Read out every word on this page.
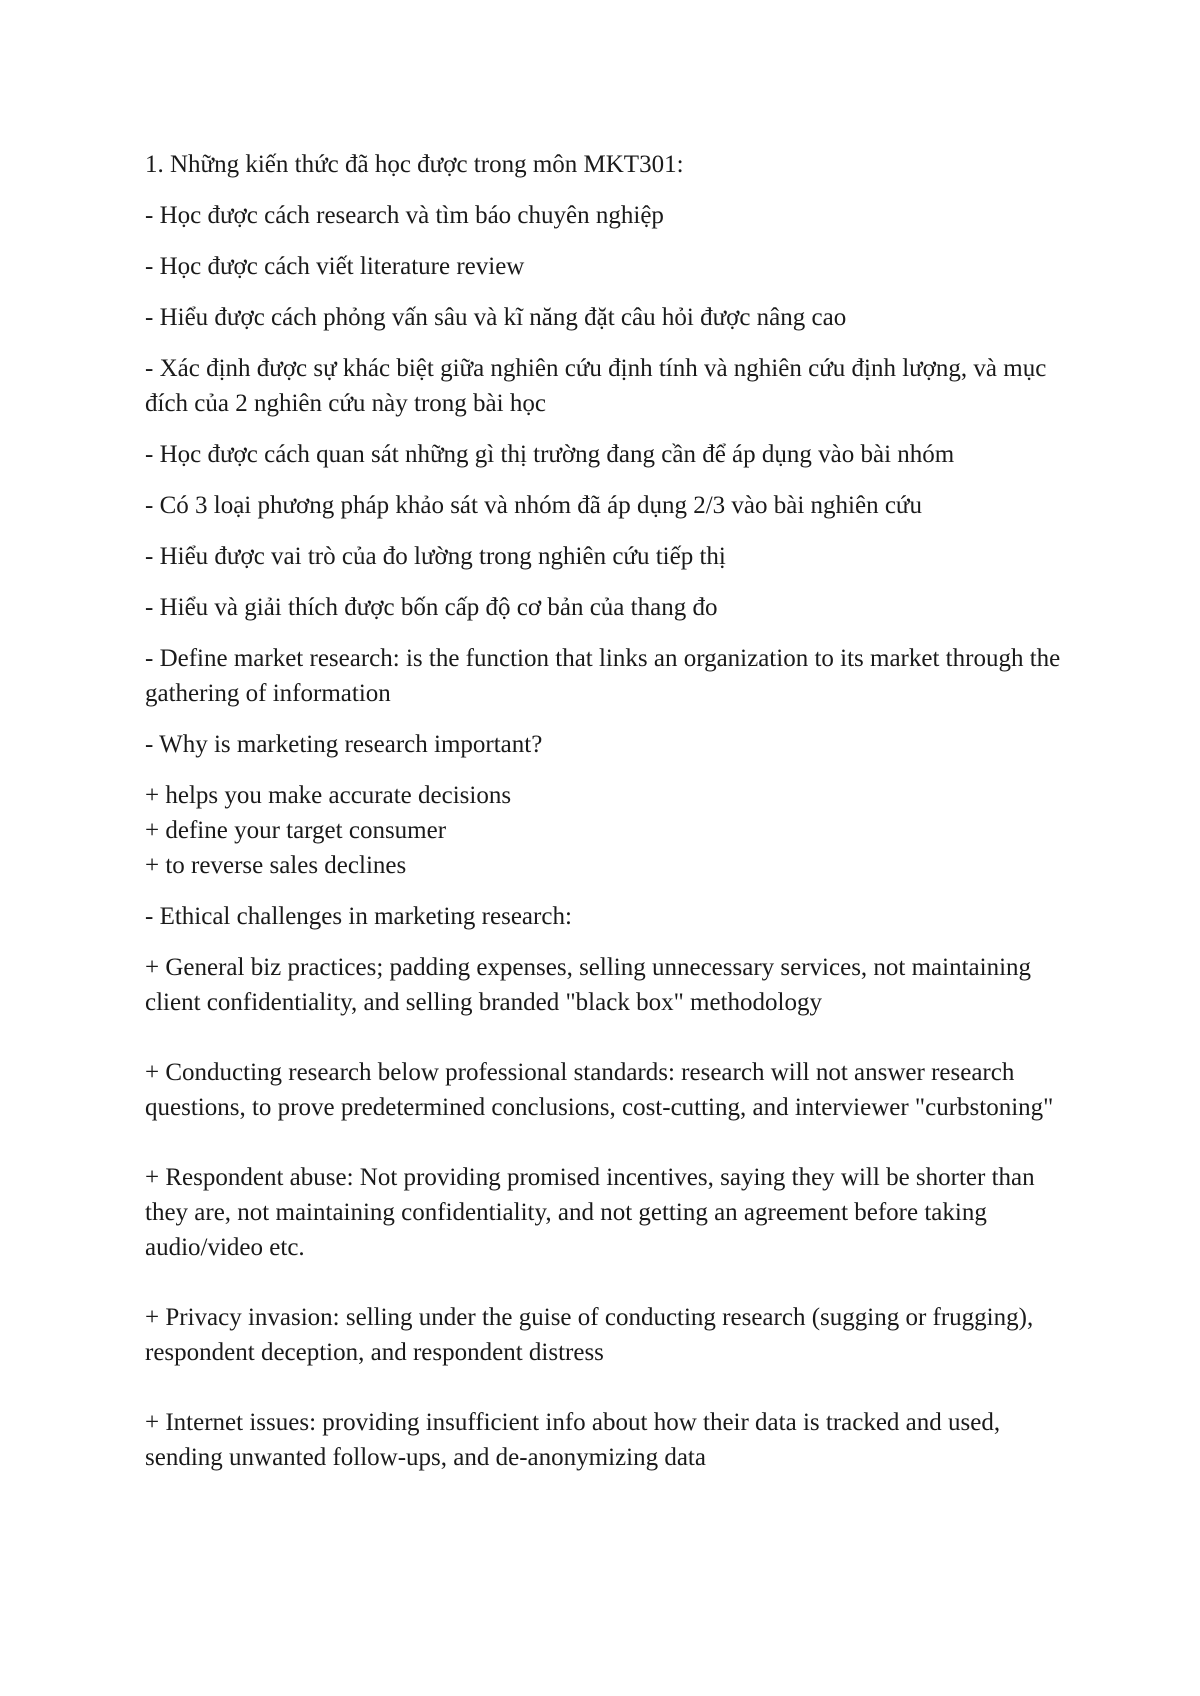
1. Những kiến thức đã học được trong môn MKT301:

- Học được cách research và tìm báo chuyên nghiệp

- Học được cách viết literature review

- Hiểu được cách phỏng vấn sâu và kĩ năng đặt câu hỏi được nâng cao

- Xác định được sự khác biệt giữa nghiên cứu định tính và nghiên cứu định lượng, và mục đích của 2 nghiên cứu này trong bài học

- Học được cách quan sát những gì thị trường đang cần để áp dụng vào bài nhóm

- Có 3 loại phương pháp khảo sát và nhóm đã áp dụng 2/3 vào bài nghiên cứu

- Hiểu được vai trò của đo lường trong nghiên cứu tiếp thị

- Hiểu và giải thích được bốn cấp độ cơ bản của thang đo

- Define market research: is the function that links an organization to its market through the gathering of information

- Why is marketing research important?

+ helps you make accurate decisions

+ define your target consumer

+ to reverse sales declines

- Ethical challenges in marketing research:

+ General biz practices; padding expenses, selling unnecessary services, not maintaining client confidentiality, and selling branded "black box" methodology

+ Conducting research below professional standards: research will not answer research questions, to prove predetermined conclusions, cost-cutting, and interviewer "curbstoning"

+ Respondent abuse: Not providing promised incentives, saying they will be shorter than they are, not maintaining confidentiality, and not getting an agreement before taking audio/video etc.

+ Privacy invasion: selling under the guise of conducting research (sugging or frugging), respondent deception, and respondent distress

+ Internet issues: providing insufficient info about how their data is tracked and used, sending unwanted follow-ups, and de-anonymizing data
